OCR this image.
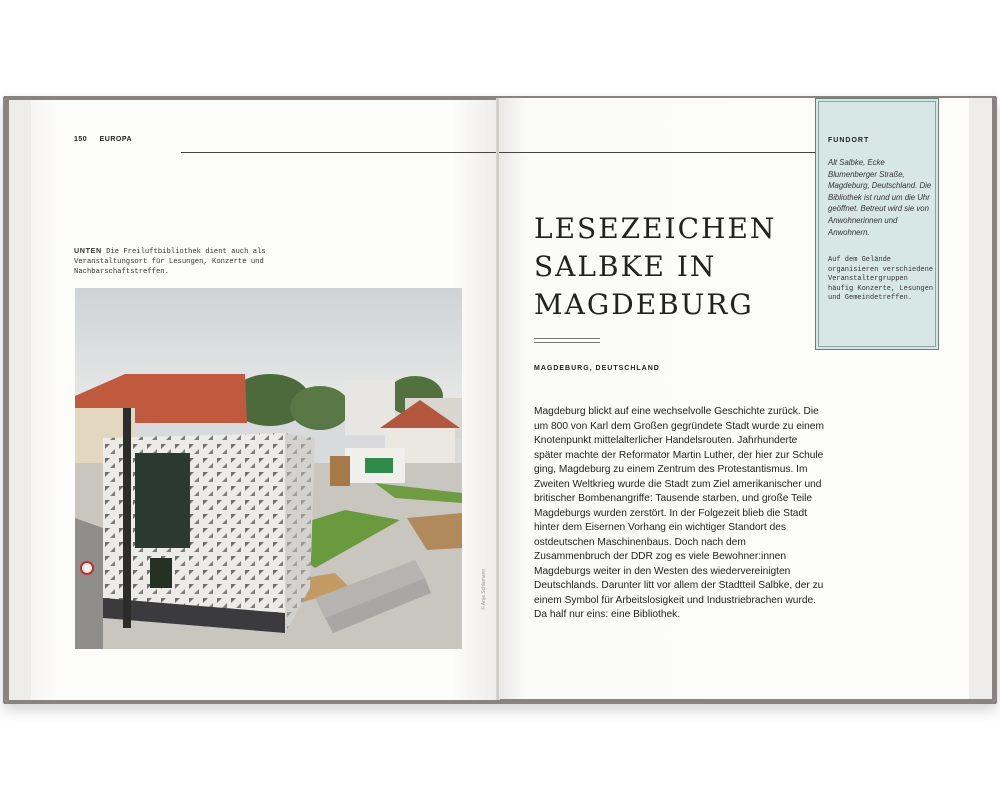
150 EUROPA
UNTEN Die Freiluftbibliothek dient auch als Veranstaltungsort für Lesungen, Konzerte und Nachbarschaftstreffen.
© Anja Schlamann
LESEZEICHEN
SALBKE IN
MAGDEBURG
MAGDEBURG, DEUTSCHLAND
Magdeburg blickt auf eine wechselvolle Geschichte zurück. Die um 800 von Karl dem Großen gegründete Stadt wurde zu einem Knotenpunkt mittelalterlicher Handelsrouten. Jahrhunderte später machte der Reformator Martin Luther, der hier zur Schule ging, Magdeburg zu einem Zentrum des Protestantismus. Im Zweiten Weltkrieg wurde die Stadt zum Ziel amerikanischer und britischer Bombenangriffe: Tausende starben, und große Teile Magdeburgs wurden zerstört. In der Folgezeit blieb die Stadt hinter dem Eisernen Vorhang ein wichtiger Standort des ostdeutschen Maschinenbaus. Doch nach dem Zusammenbruch der DDR zog es viele Bewohner:innen Magdeburgs weiter in den Westen des wiedervereinigten Deutschlands. Darunter litt vor allem der Stadtteil Salbke, der zu einem Symbol für Arbeitslosigkeit und Industriebrachen wurde. Da half nur eins: eine Bibliothek.
FUNDORT
Alt Salbke, Ecke Blumenberger Straße, Magdeburg, Deutschland. Die Bibliothek ist rund um die Uhr geöffnet. Betreut wird sie von Anwohnerinnen und Anwohnern.
Auf dem Gelände organisieren verschiedene Veranstaltergruppen häufig Konzerte, Lesungen und Gemeindetreffen.
